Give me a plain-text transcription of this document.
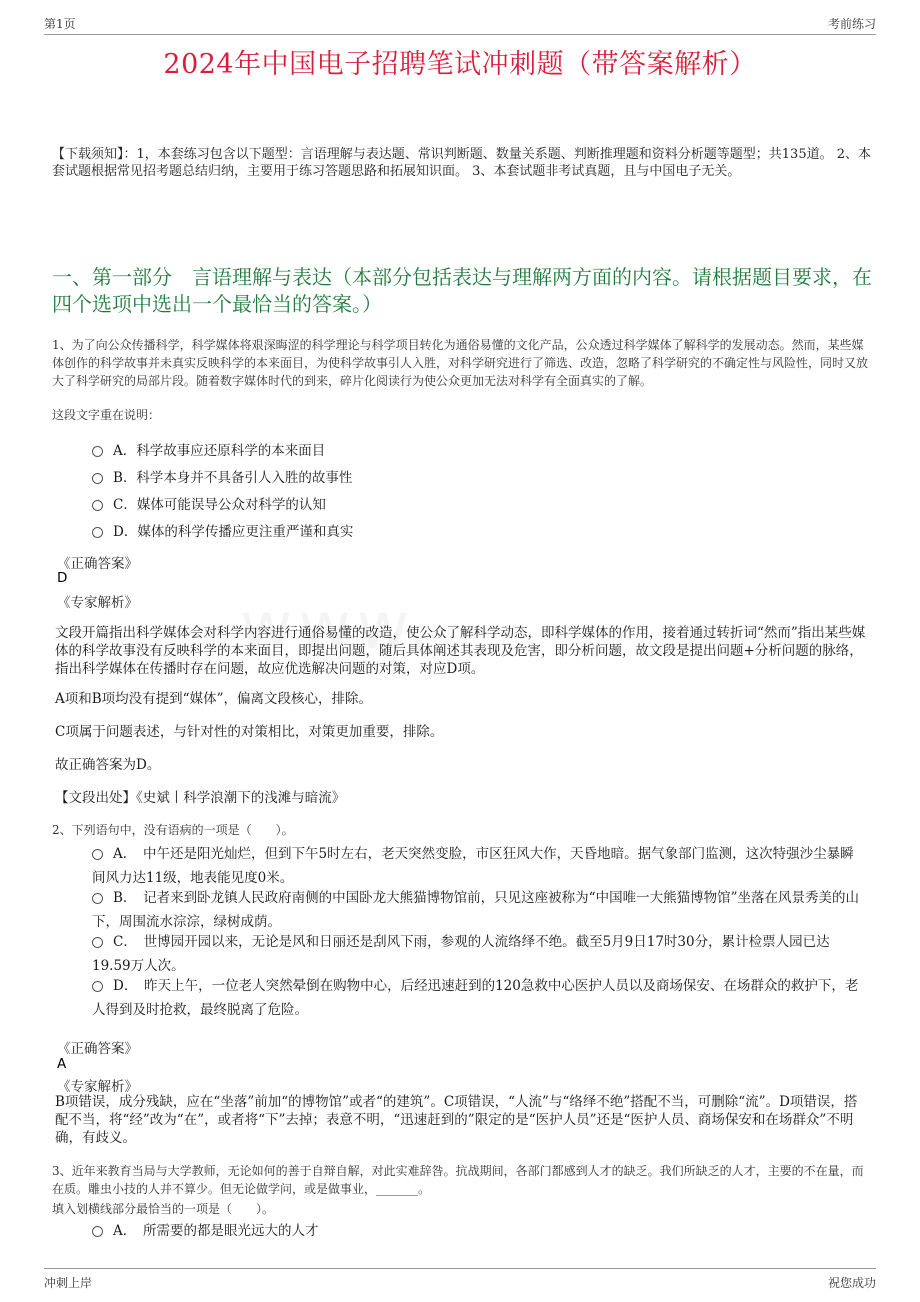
第1页	考前练习
2024年中国电子招聘笔试冲刺题（带答案解析）
【下载须知】：1，本套练习包含以下题型：言语理解与表达题、常识判断题、数量关系题、判断推理题和资料分析题等题型；共135道。 2、本套试题根据常见招考题总结归纳，主要用于练习答题思路和拓展知识面。 3、本套试题非考试真题，且与中国电子无关。
一、第一部分　言语理解与表达（本部分包括表达与理解两方面的内容。请根据题目要求，在四个选项中选出一个最恰当的答案。）
1、为了向公众传播科学，科学媒体将艰深晦涩的科学理论与科学项目转化为通俗易懂的文化产品，公众透过科学媒体了解科学的发展动态。然而，某些媒体创作的科学故事并未真实反映科学的本来面目，为使科学故事引人入胜，对科学研究进行了筛选、改造，忽略了科学研究的不确定性与风险性，同时又放大了科学研究的局部片段。随着数字媒体时代的到来，碎片化阅读行为使公众更加无法对科学有全面真实的了解。
这段文字重在说明：
A．科学故事应还原科学的本来面目
B．科学本身并不具备引人入胜的故事性
C．媒体可能误导公众对科学的认知
D．媒体的科学传播应更注重严谨和真实
《正确答案》
D
《专家解析》
文段开篇指出科学媒体会对科学内容进行通俗易懂的改造，使公众了解科学动态，即科学媒体的作用，接着通过转折词“然而”指出某些媒体的科学故事没有反映科学的本来面目，即提出问题，随后具体阐述其表现及危害，即分析问题，故文段是提出问题+分析问题的脉络，指出科学媒体在传播时存在问题，故应优选解决问题的对策，对应D项。
A项和B项均没有提到“媒体”，偏离文段核心，排除。
C项属于问题表述，与针对性的对策相比，对策更加重要，排除。
故正确答案为D。
【文段出处】《史斌丨科学浪潮下的浅滩与暗流》
2、下列语句中，没有语病的一项是（　　）。
A．　中午还是阳光灿烂，但到下午5时左右，老天突然变脸，市区狂风大作，天昏地暗。据气象部门监测，这次特强沙尘暴瞬间风力达11级，地表能见度0米。
B．　记者来到卧龙镇人民政府南侧的中国卧龙大熊猫博物馆前，只见这座被称为“中国唯一大熊猫博物馆”坐落在风景秀美的山下，周围流水淙淙，绿树成荫。
C．　世博园开园以来，无论是风和日丽还是刮风下雨，参观的人流络绎不绝。截至5月9日17时30分，累计检票人园已达19.59万人次。
D．　昨天上午，一位老人突然晕倒在购物中心，后经迅速赶到的120急救中心医护人员以及商场保安、在场群众的救护下，老人得到及时抢救，最终脱离了危险。
《正确答案》
A
《专家解析》
B项错误，成分残缺，应在“坐落”前加“的博物馆”或者“的建筑”。C项错误，“人流”与“络绎不绝”搭配不当，可删除“流”。D项错误，搭配不当，将“经”改为“在”，或者将“下”去掉；表意不明，“迅速赶到的”限定的是“医护人员”还是“医护人员、商场保安和在场群众”不明确，有歧义。
3、近年来教育当局与大学教师，无论如何的善于自辩自解，对此实难辞咎。抗战期间，各部门都感到人才的缺乏。我们所缺乏的人才，主要的不在量，而在质。雕虫小技的人并不算少。但无论做学问，或是做事业，_______。
填入划横线部分最恰当的一项是（　　）。
A．　所需要的都是眼光远大的人才
冲刺上岸	祝您成功
